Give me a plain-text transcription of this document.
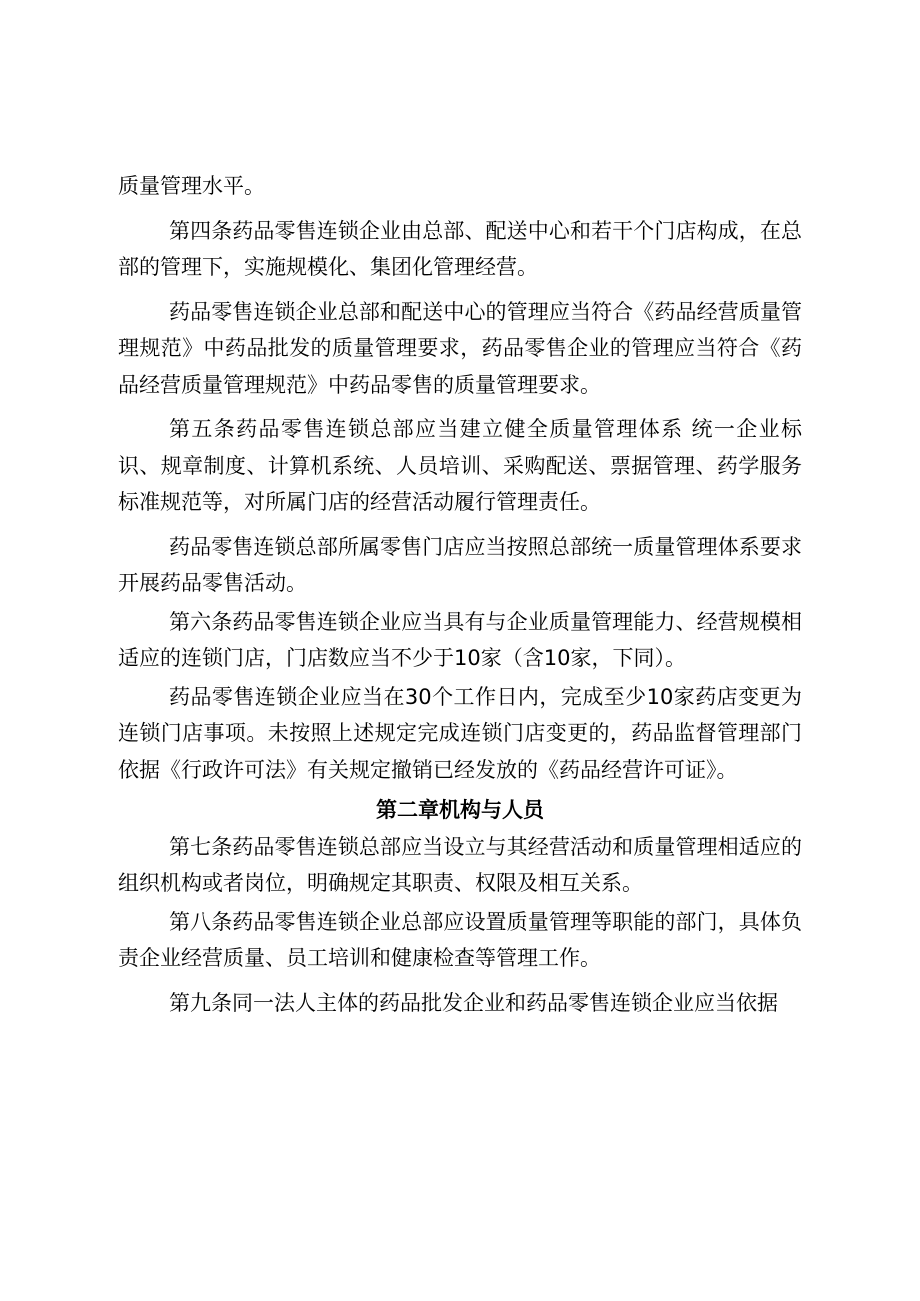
质量管理水平。

第四条药品零售连锁企业由总部、配送中心和若干个门店构成，在总部的管理下，实施规模化、集团化管理经营。

药品零售连锁企业总部和配送中心的管理应当符合《药品经营质量管理规范》中药品批发的质量管理要求，药品零售企业的管理应当符合《药品经营质量管理规范》中药品零售的质量管理要求。

第五条药品零售连锁总部应当建立健全质量管理体系 统一企业标识、规章制度、计算机系统、人员培训、采购配送、票据管理、药学服务标准规范等，对所属门店的经营活动履行管理责任。

药品零售连锁总部所属零售门店应当按照总部统一质量管理体系要求开展药品零售活动。

第六条药品零售连锁企业应当具有与企业质量管理能力、经营规模相适应的连锁门店，门店数应当不少于10家（含10家，下同）。

药品零售连锁企业应当在30个工作日内，完成至少10家药店变更为连锁门店事项。未按照上述规定完成连锁门店变更的，药品监督管理部门依据《行政许可法》有关规定撤销已经发放的《药品经营许可证》。

第二章机构与人员

第七条药品零售连锁总部应当设立与其经营活动和质量管理相适应的组织机构或者岗位，明确规定其职责、权限及相互关系。

第八条药品零售连锁企业总部应设置质量管理等职能的部门，具体负责企业经营质量、员工培训和健康检查等管理工作。

第九条同一法人主体的药品批发企业和药品零售连锁企业应当依据
